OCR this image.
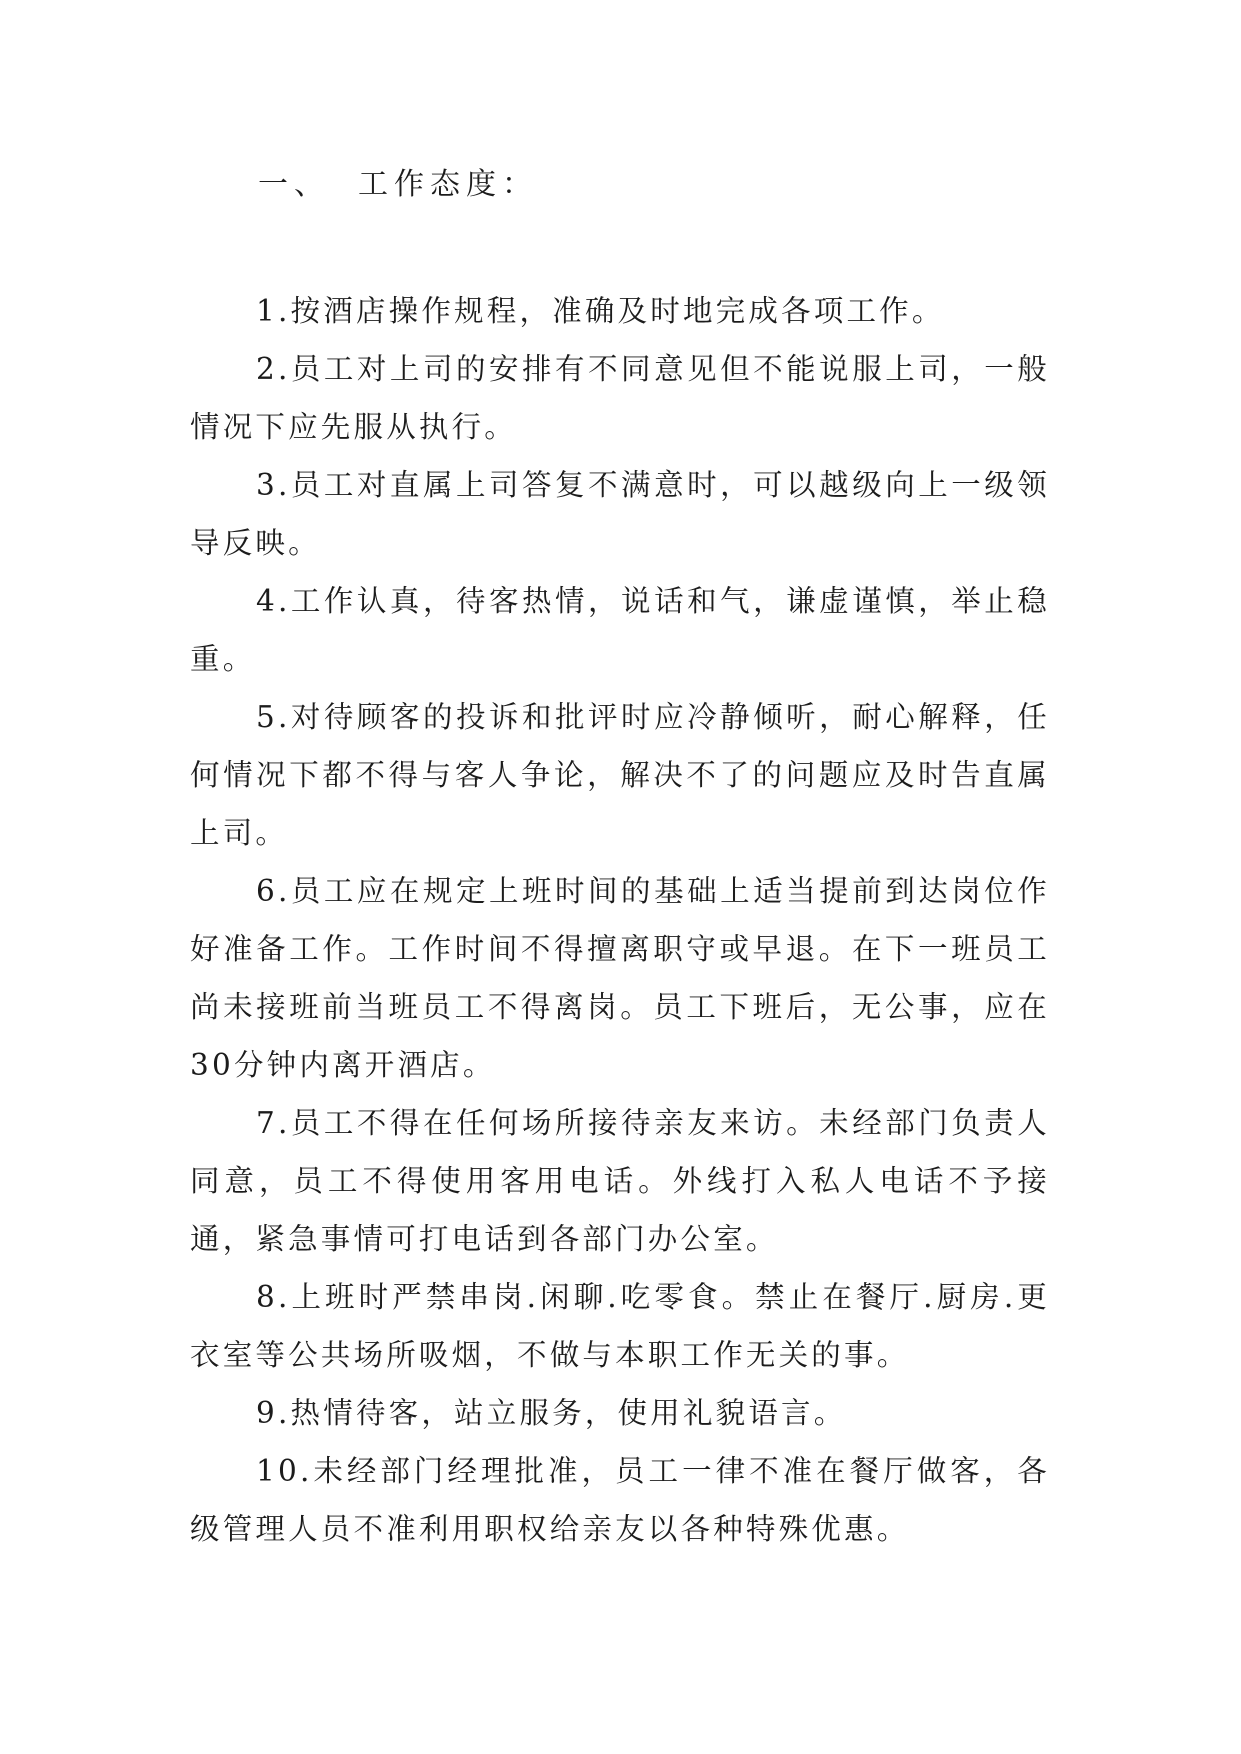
一、 工作态度：

1.按酒店操作规程，准确及时地完成各项工作。

2.员工对上司的安排有不同意见但不能说服上司，一般情况下应先服从执行。

3.员工对直属上司答复不满意时，可以越级向上一级领导反映。

4.工作认真，待客热情，说话和气，谦虚谨慎，举止稳重。

5.对待顾客的投诉和批评时应冷静倾听，耐心解释，任何情况下都不得与客人争论，解决不了的问题应及时告直属上司。

6.员工应在规定上班时间的基础上适当提前到达岗位作好准备工作。工作时间不得擅离职守或早退。在下一班员工尚未接班前当班员工不得离岗。员工下班后，无公事，应在30分钟内离开酒店。

7.员工不得在任何场所接待亲友来访。未经部门负责人同意，员工不得使用客用电话。外线打入私人电话不予接通，紧急事情可打电话到各部门办公室。

8.上班时严禁串岗.闲聊.吃零食。禁止在餐厅.厨房.更衣室等公共场所吸烟，不做与本职工作无关的事。

9.热情待客，站立服务，使用礼貌语言。

10.未经部门经理批准，员工一律不准在餐厅做客，各级管理人员不准利用职权给亲友以各种特殊优惠。
